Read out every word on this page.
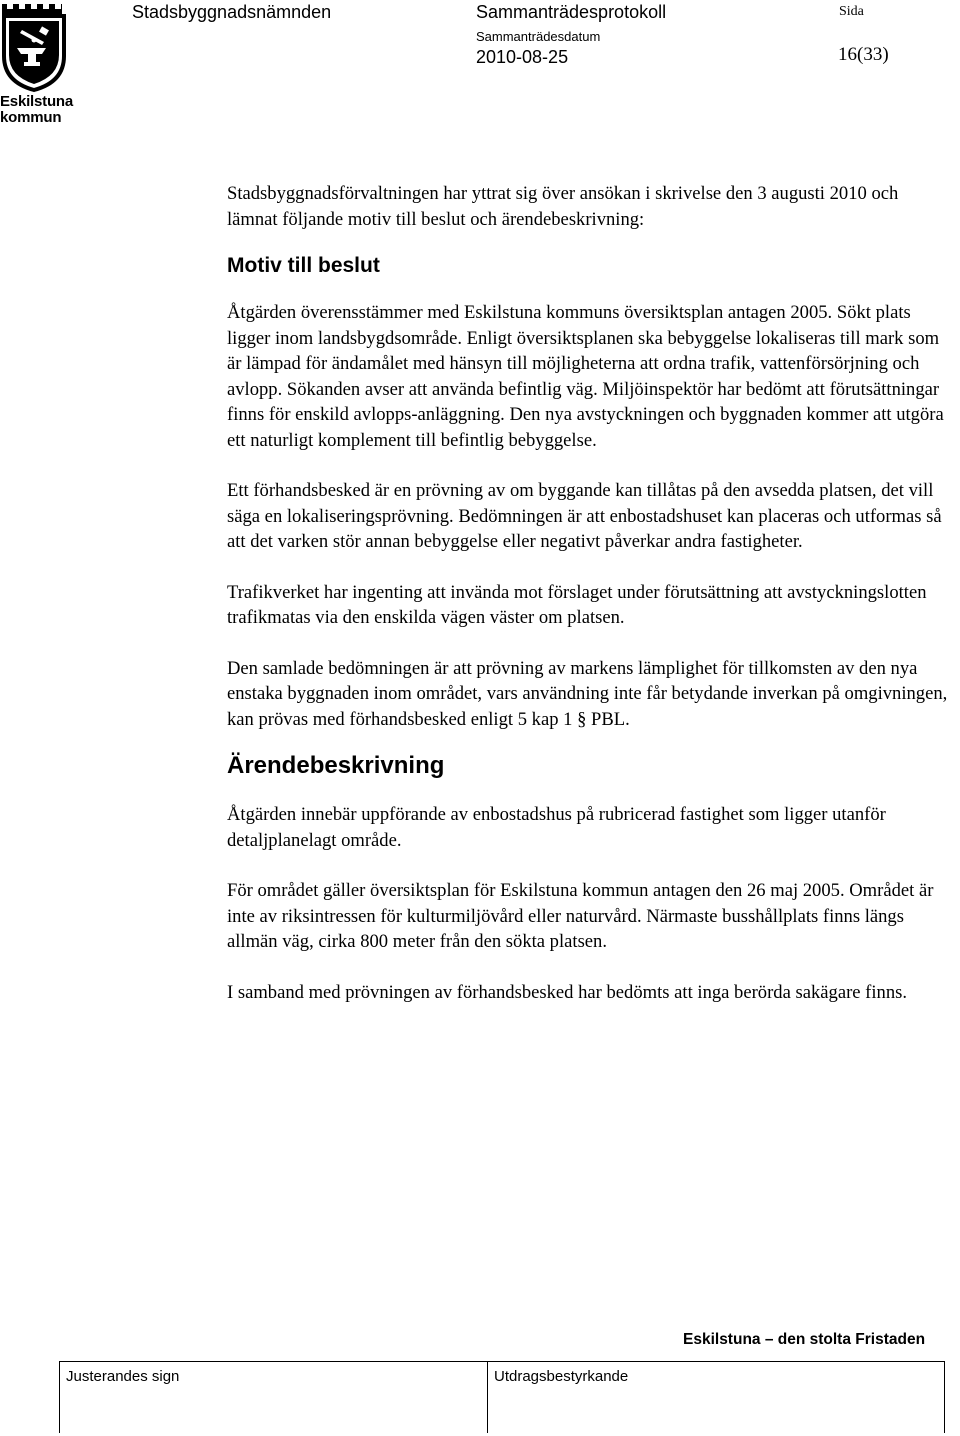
Eskilstuna
kommun
Stadsbyggnadsnämnden	Sammanträdesprotokoll
Sammanträdesdatum
2010-08-25
Sida
16(33)

Stadsbyggnadsförvaltningen har yttrat sig över ansökan i skrivelse den 3 augusti 2010 och lämnat följande motiv till beslut och ärendebeskrivning:

Motiv till beslut

Åtgärden överensstämmer med Eskilstuna kommuns översiktsplan antagen 2005. Sökt plats ligger inom landsbygdsområde. Enligt översiktsplanen ska bebyggelse lokaliseras till mark som är lämpad för ändamålet med hänsyn till möjligheterna att ordna trafik, vattenförsörjning och avlopp. Sökanden avser att använda befintlig väg. Miljöinspektör har bedömt att förutsättningar finns för enskild avlopps-anläggning. Den nya avstyckningen och byggnaden kommer att utgöra ett naturligt komplement till befintlig bebyggelse.

Ett förhandsbesked är en prövning av om byggande kan tillåtas på den avsedda platsen, det vill säga en lokaliseringsprövning. Bedömningen är att enbostadshuset kan placeras och utformas så att det varken stör annan bebyggelse eller negativt påverkar andra fastigheter.

Trafikverket har ingenting att invända mot förslaget under förutsättning att avstyckningslotten trafikmatas via den enskilda vägen väster om platsen.

Den samlade bedömningen är att prövning av markens lämplighet för tillkomsten av den nya enstaka byggnaden inom området, vars användning inte får betydande inverkan på omgivningen, kan prövas med förhandsbesked enligt 5 kap 1 § PBL.

Ärendebeskrivning

Åtgärden innebär uppförande av enbostadshus på rubricerad fastighet som ligger utanför detaljplanelagt område.

För området gäller översiktsplan för Eskilstuna kommun antagen den 26 maj 2005. Området är inte av riksintressen för kulturmiljövård eller naturvård. Närmaste busshållplats finns längs allmän väg, cirka 800 meter från den sökta platsen.

I samband med prövningen av förhandsbesked har bedömts att inga berörda sakägare finns.

Eskilstuna – den stolta Fristaden
Justerandes sign	Utdragsbestyrkande
